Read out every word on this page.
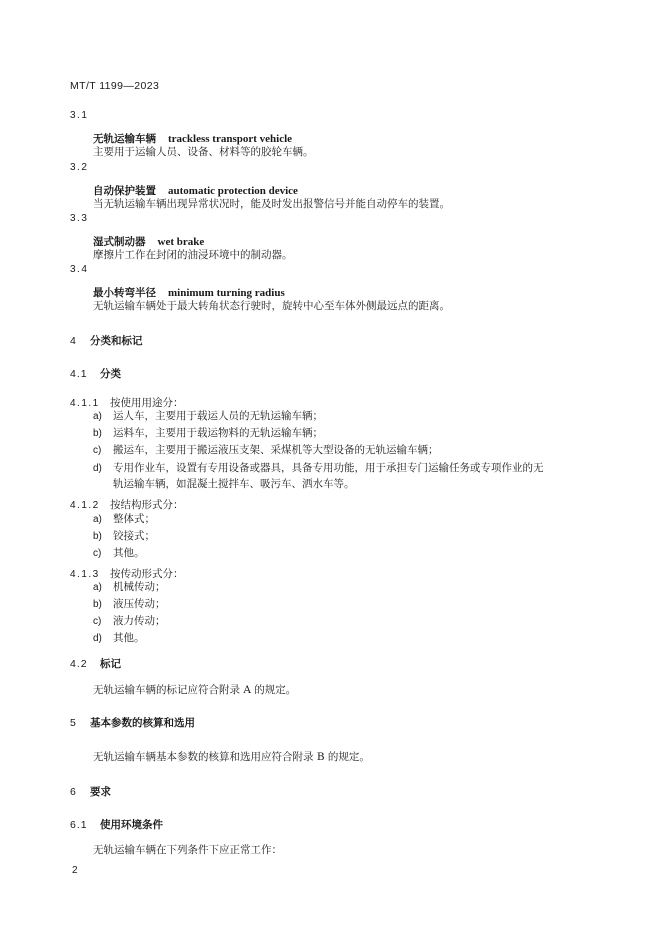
MT/T 1199—2023
3.1
无轨运输车辆 trackless transport vehicle
主要用于运输人员、设备、材料等的胶轮车辆。
3.2
自动保护装置 automatic protection device
当无轨运输车辆出现异常状况时，能及时发出报警信号并能自动停车的装置。
3.3
湿式制动器 wet brake
摩擦片工作在封闭的油浸环境中的制动器。
3.4
最小转弯半径 minimum turning radius
无轨运输车辆处于最大转角状态行驶时，旋转中心至车体外侧最远点的距离。
4 分类和标记
4.1 分类
4.1.1 按使用用途分：
a) 运人车，主要用于载运人员的无轨运输车辆；
b) 运料车，主要用于载运物料的无轨运输车辆；
c) 搬运车，主要用于搬运液压支架、采煤机等大型设备的无轨运输车辆；
d) 专用作业车，设置有专用设备或器具，具备专用功能，用于承担专门运输任务或专项作业的无
轨运输车辆，如混凝土搅拌车、吸污车、洒水车等。
4.1.2 按结构形式分：
a) 整体式；
b) 铰接式；
c) 其他。
4.1.3 按传动形式分：
a) 机械传动；
b) 液压传动；
c) 液力传动；
d) 其他。
4.2 标记
无轨运输车辆的标记应符合附录 A 的规定。
5 基本参数的核算和选用
无轨运输车辆基本参数的核算和选用应符合附录 B 的规定。
6 要求
6.1 使用环境条件
无轨运输车辆在下列条件下应正常工作：
2
